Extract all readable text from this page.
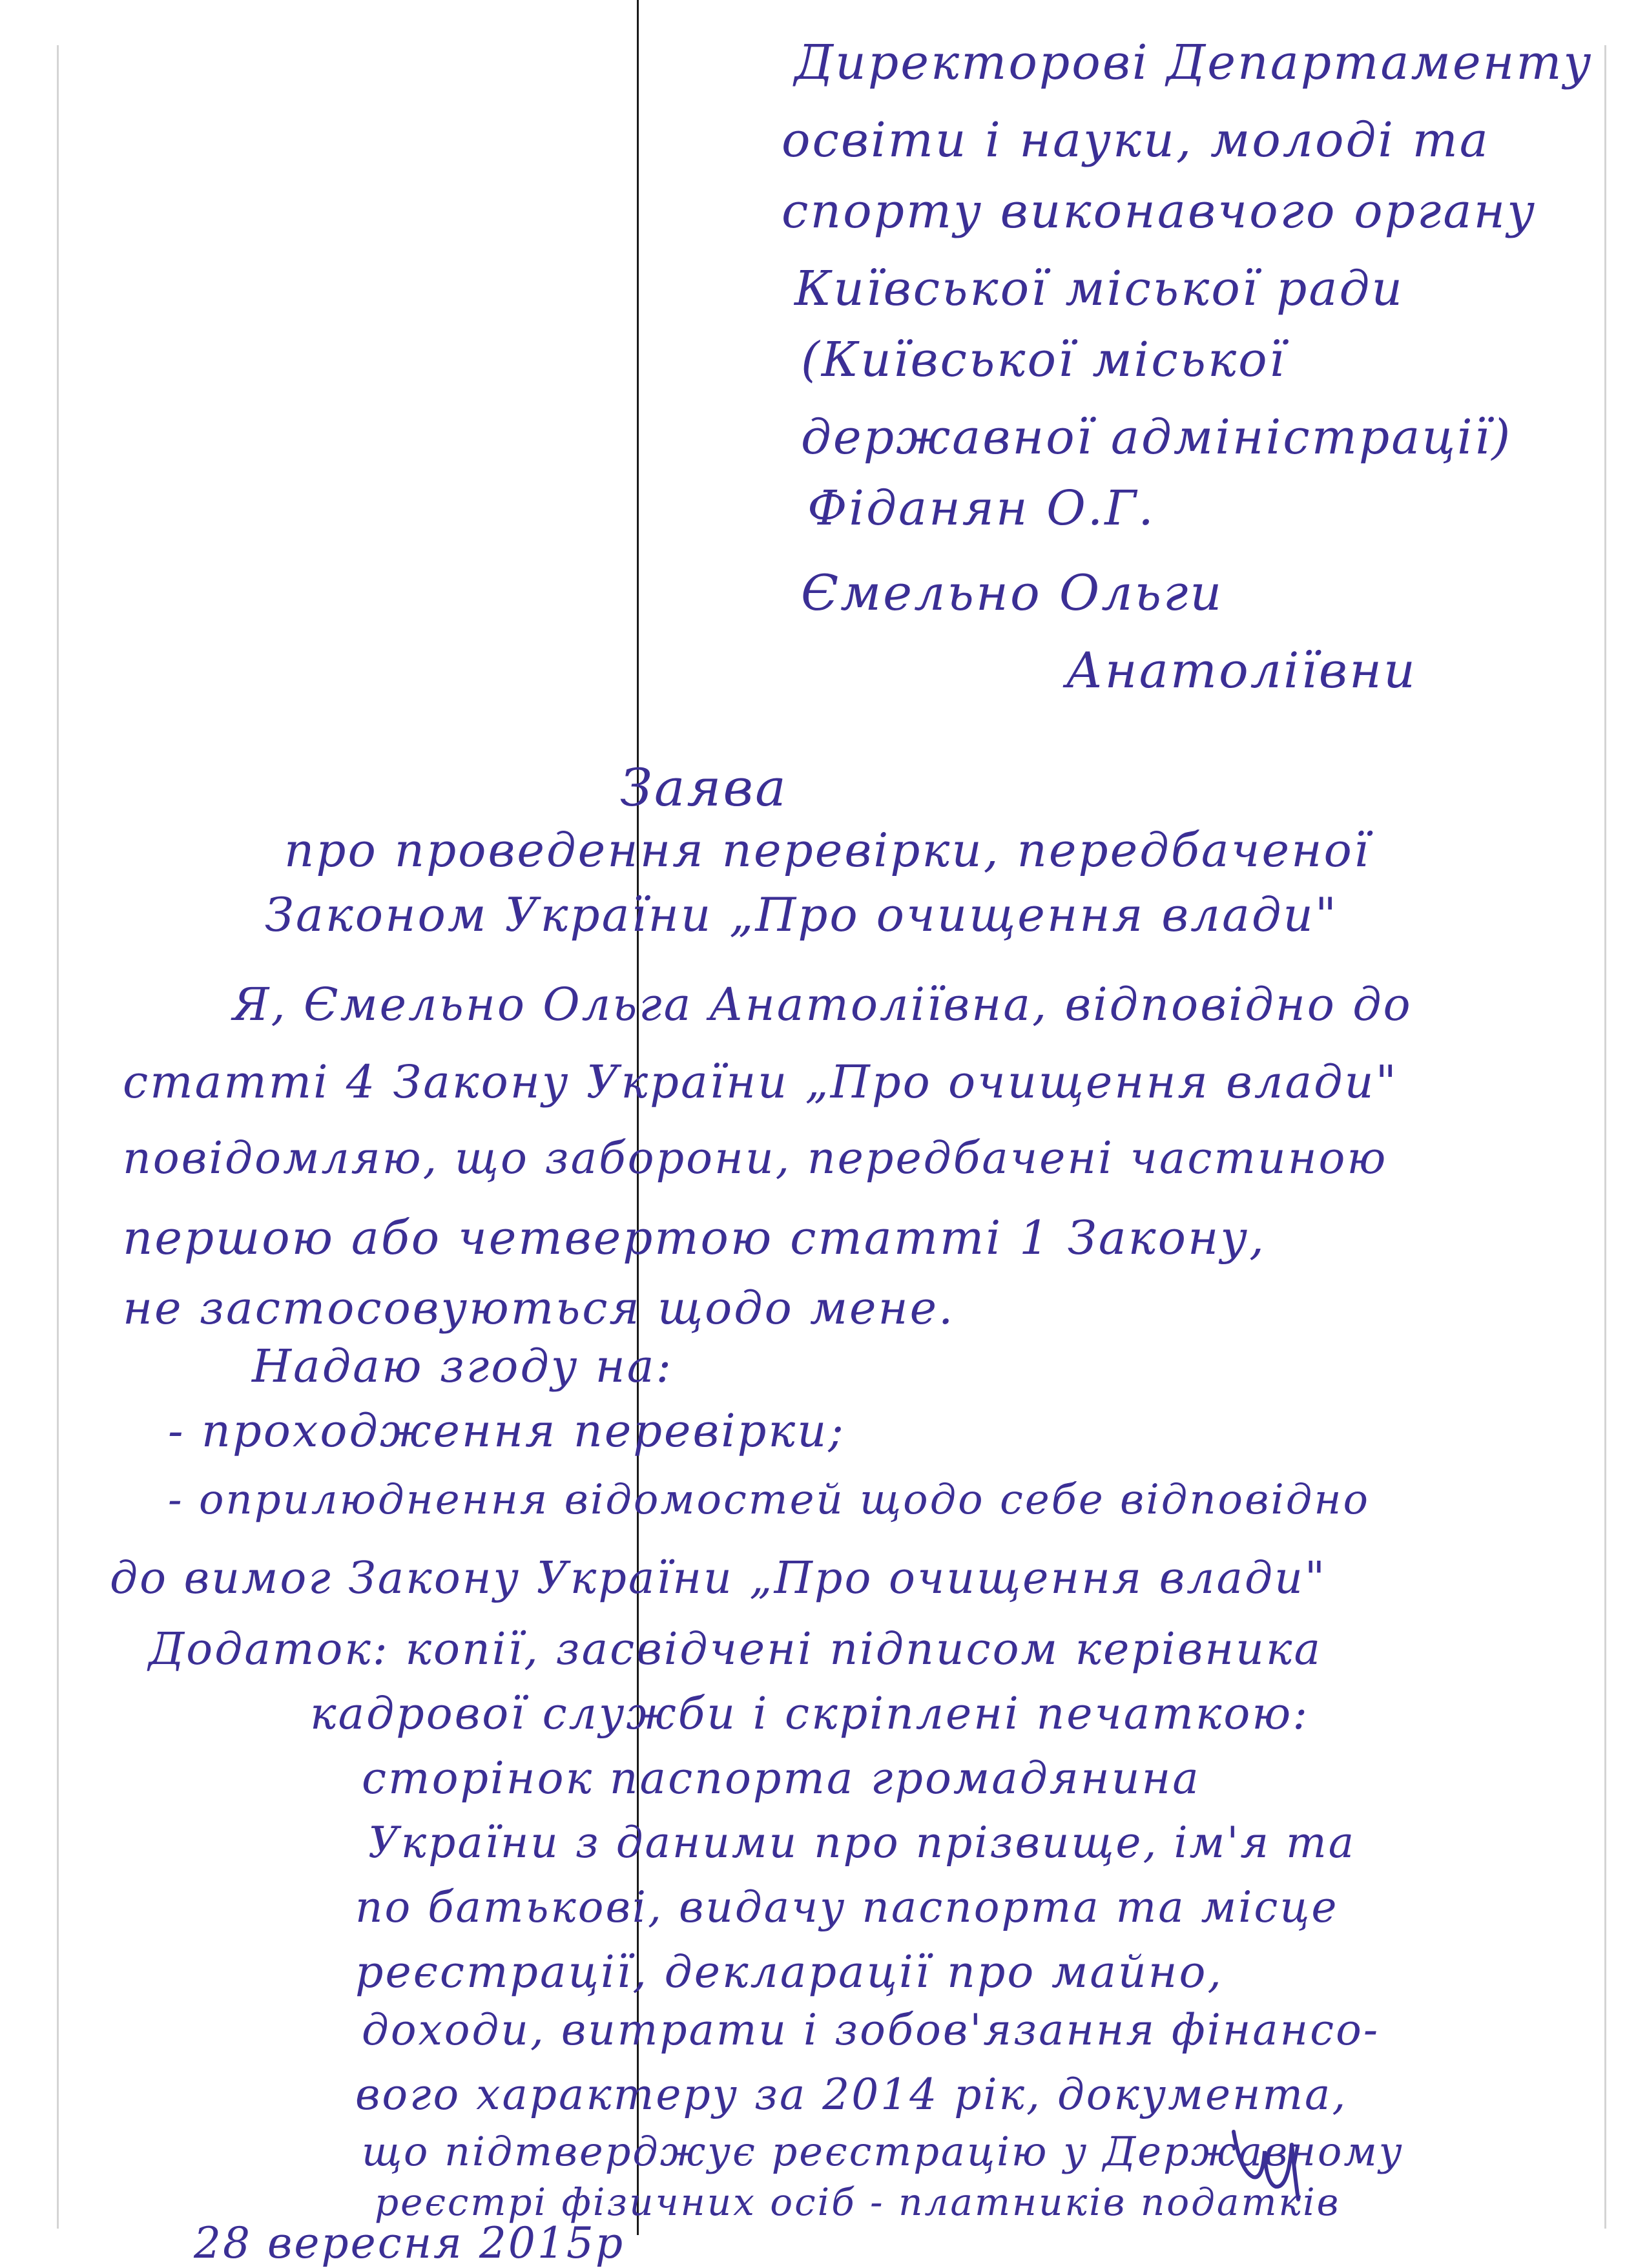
Директорові Департаменту
освіти і науки, молоді та
спорту виконавчого органу
Київської міської ради
(Київської міської
державної адміністрації)
Фіданян О.Г.
Ємельно Ольги
Анатоліївни
Заява
про проведення перевірки, передбаченої
Законом України „Про очищення влади"
Я, Ємельно Ольга Анатоліївна, відповідно до
статті 4 Закону України „Про очищення влади"
повідомляю, що заборони, передбачені частиною
першою або четвертою статті 1 Закону,
не застосовуються щодо мене.
Надаю згоду на:
- проходження перевірки;
- оприлюднення відомостей щодо себе відповідно
до вимог Закону України „Про очищення влади"
Додаток: копії, засвідчені підписом керівника
кадрової служби і скріплені печаткою:
сторінок паспорта громадянина
України з даними про прізвище, ім'я та
по батькові, видачу паспорта та місце
реєстрації, декларації про майно,
доходи, витрати і зобов'язання фінансо-
вого характеру за 2014 рік, документа,
що підтверджує реєстрацію у Державному
реєстрі фізичних осіб - платників податків
28 вересня 2015р
